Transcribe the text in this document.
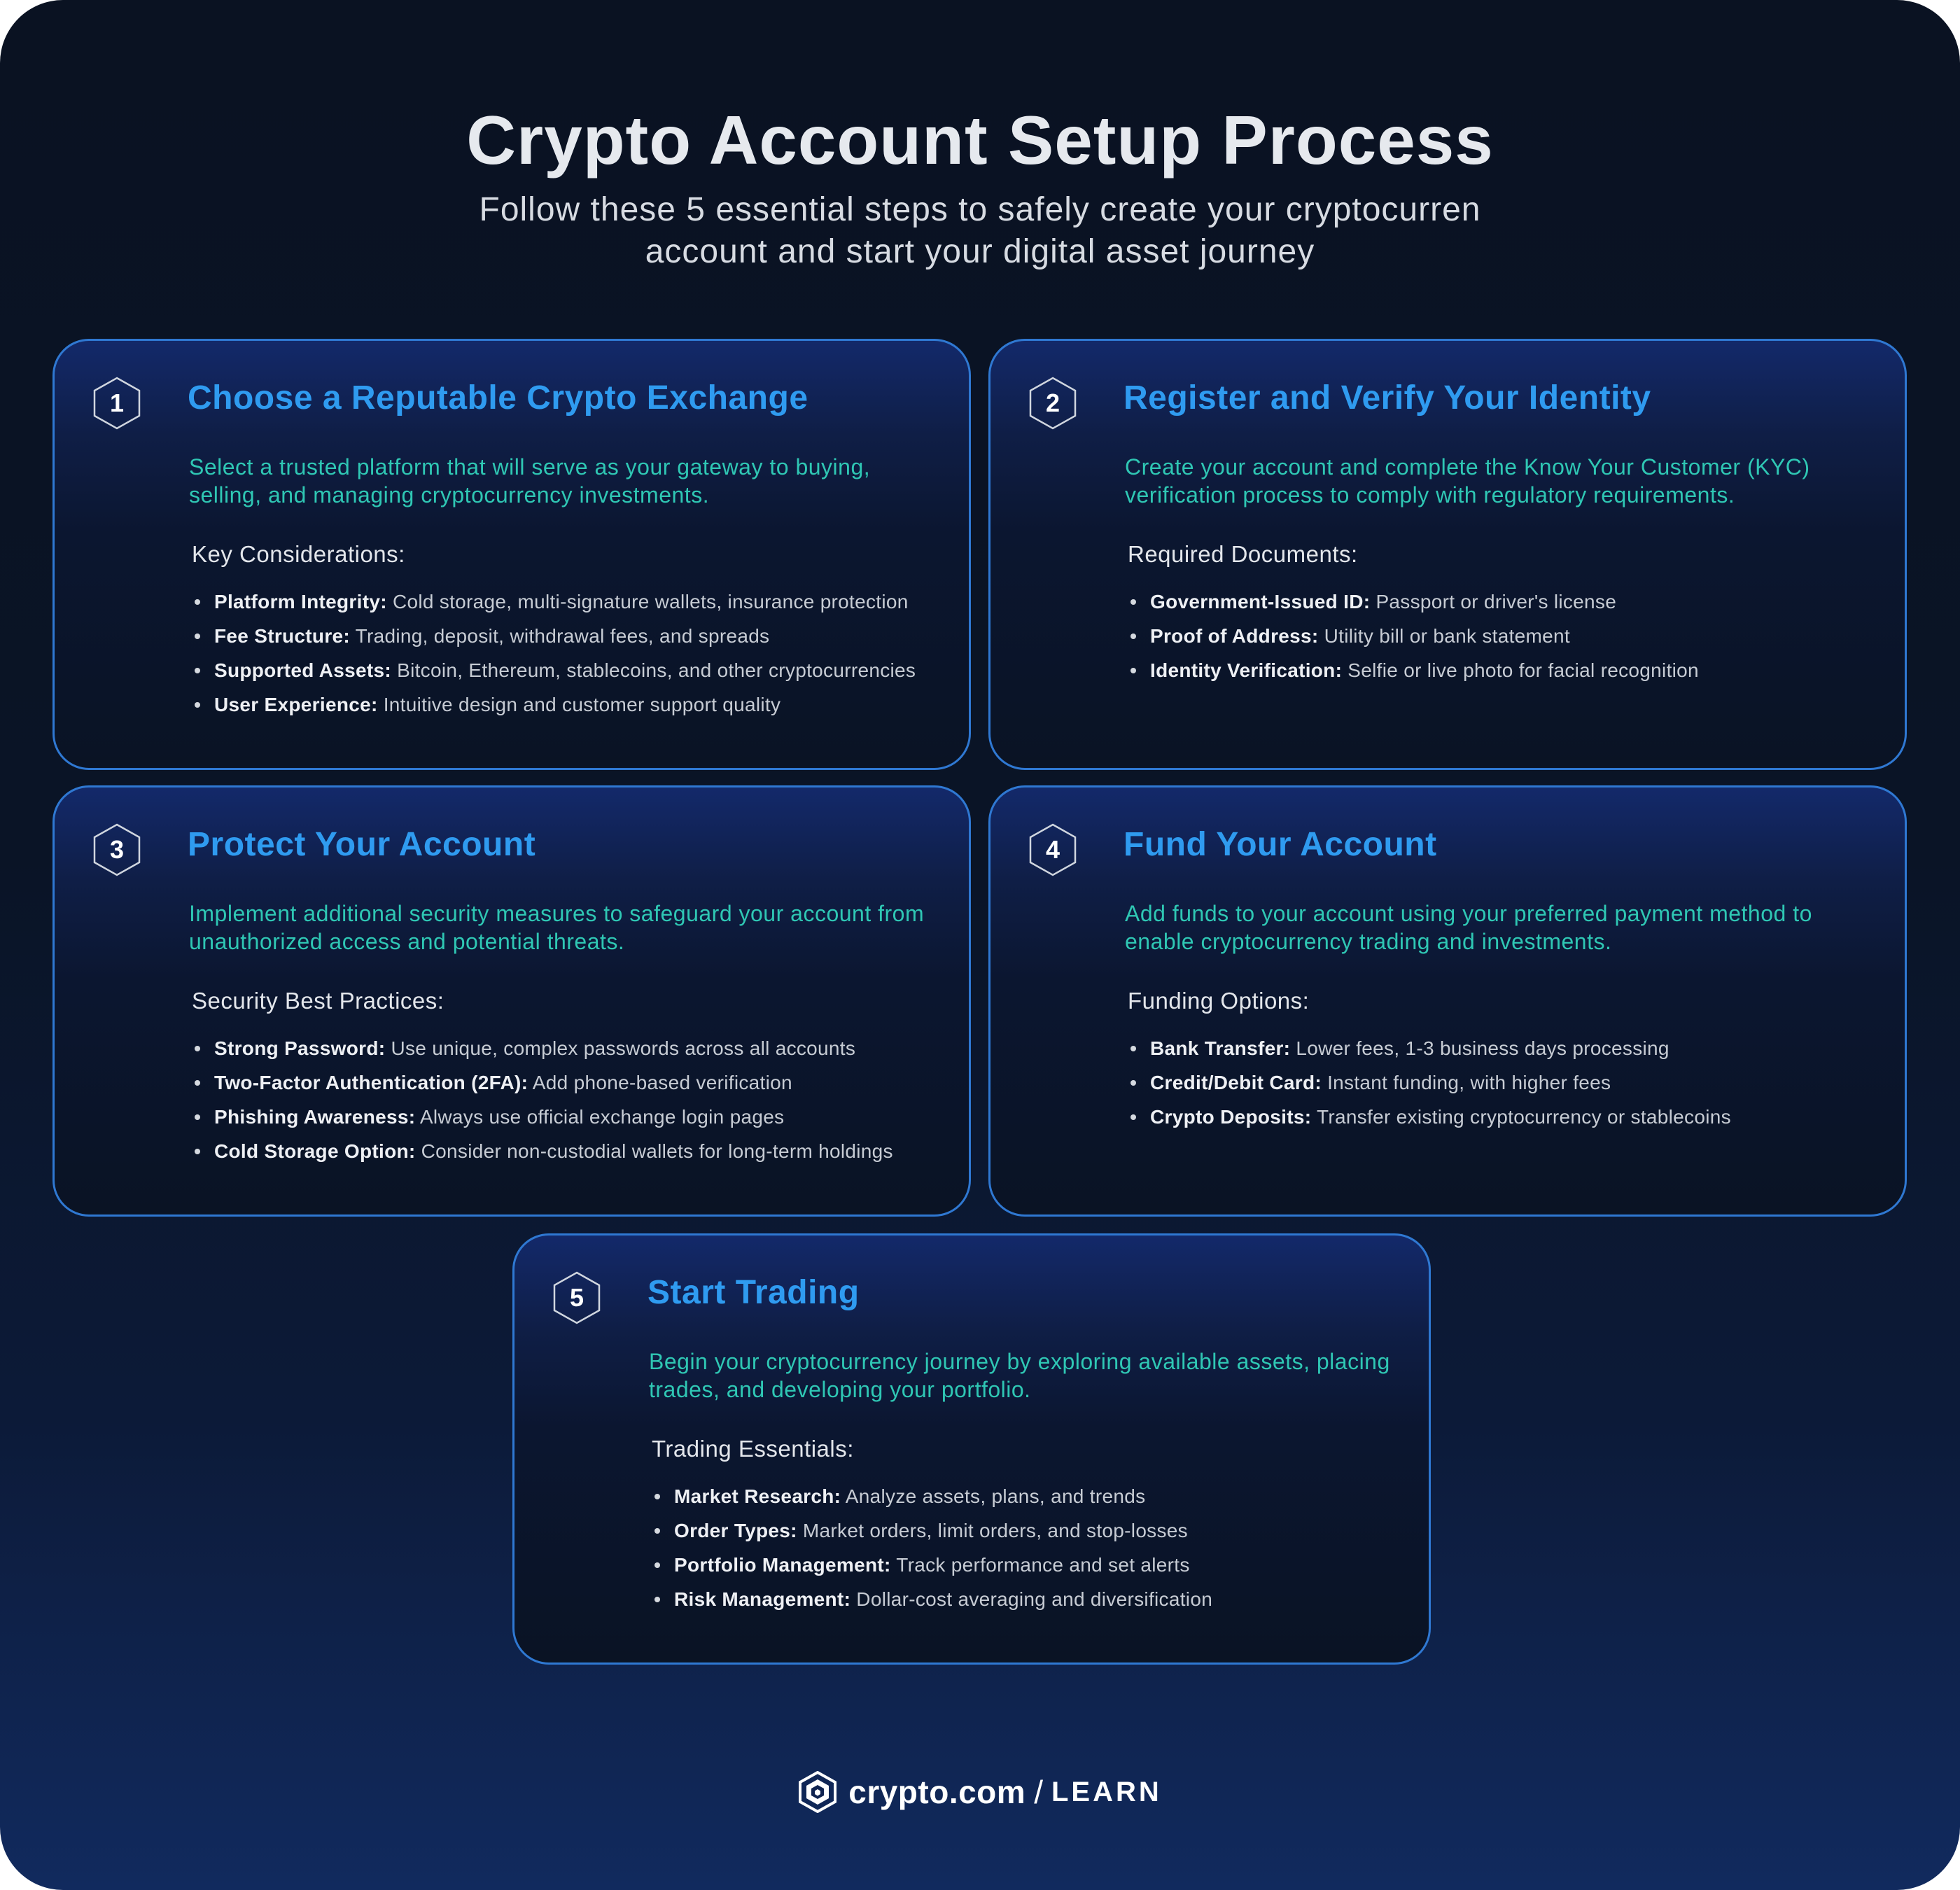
Crypto Account Setup Process
Follow these 5 essential steps to safely create your cryptocurren account and start your digital asset journey
1	Choose a Reputable Crypto Exchange
Select a trusted platform that will serve as your gateway to buying, selling, and managing cryptocurrency investments.
Key Considerations:
Platform Integrity: Cold storage, multi-signature wallets, insurance protection
Fee Structure: Trading, deposit, withdrawal fees, and spreads
Supported Assets: Bitcoin, Ethereum, stablecoins, and other cryptocurrencies
User Experience: Intuitive design and customer support quality
2	Register and Verify Your Identity
Create your account and complete the Know Your Customer (KYC) verification process to comply with regulatory requirements.
Required Documents:
Government-Issued ID: Passport or driver's license
Proof of Address: Utility bill or bank statement
Identity Verification: Selfie or live photo for facial recognition
3	Protect Your Account
Implement additional security measures to safeguard your account from unauthorized access and potential threats.
Security Best Practices:
Strong Password: Use unique, complex passwords across all accounts
Two-Factor Authentication (2FA): Add phone-based verification
Phishing Awareness: Always use official exchange login pages
Cold Storage Option: Consider non-custodial wallets for long-term holdings
4	Fund Your Account
Add funds to your account using your preferred payment method to enable cryptocurrency trading and investments.
Funding Options:
Bank Transfer: Lower fees, 1-3 business days processing
Credit/Debit Card: Instant funding, with higher fees
Crypto Deposits: Transfer existing cryptocurrency or stablecoins
5	Start Trading
Begin your cryptocurrency journey by exploring available assets, placing trades, and developing your portfolio.
Trading Essentials:
Market Research: Analyze assets, plans, and trends
Order Types: Market orders, limit orders, and stop-losses
Portfolio Management: Track performance and set alerts
Risk Management: Dollar-cost averaging and diversification
crypto.com / LEARN
